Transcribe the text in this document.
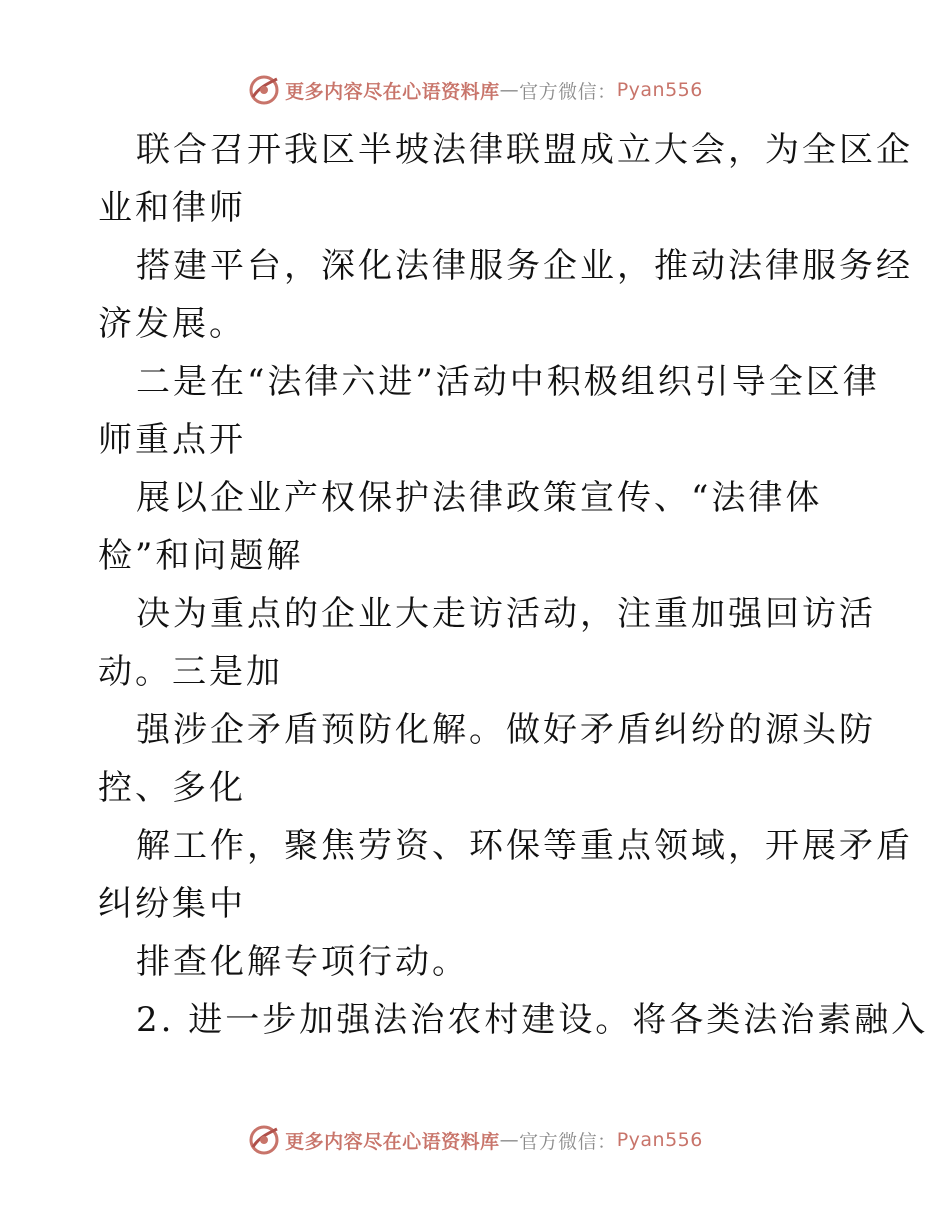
更多内容尽在心语资料库 — 官方微信： Pyan556
联合召开我区半坡法律联盟成立大会，为全区企
业和律师
搭建平台，深化法律服务企业，推动法律服务经
济发展。
二是在“法律六进”活动中积极组织引导全区律
师重点开
展以企业产权保护法律政策宣传、“法律体
检”和问题解
决为重点的企业大走访活动，注重加强回访活
动。三是加
强涉企矛盾预防化解。做好矛盾纠纷的源头防
控、多化
解工作，聚焦劳资、环保等重点领域，开展矛盾
纠纷集中
排查化解专项行动。
2. 进一步加强法治农村建设。将各类法治素融入
更多内容尽在心语资料库 — 官方微信： Pyan556
